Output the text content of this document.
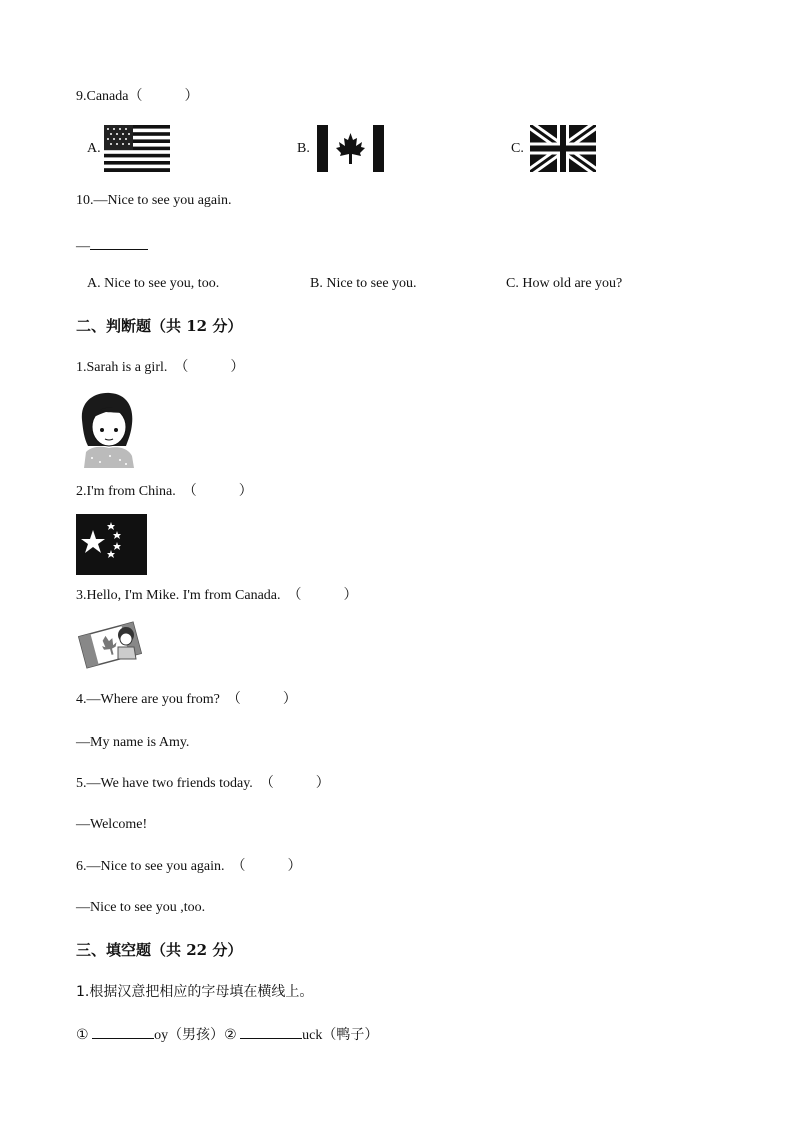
9.Canada（　　　）
A.	B.	C.
10.—Nice to see you again.
—
A. Nice to see you, too.	B. Nice to see you.	C. How old are you?
二、判断题（共 12 分）
1.Sarah is a girl. （　　　）
2.I'm from China. （　　　）
3.Hello, I'm Mike. I'm from Canada. （　　　）
4.—Where are you from? （　　　）
—My name is Amy.
5.—We have two friends today. （　　　）
—Welcome!
6.—Nice to see you again. （　　　）
—Nice to see you ,too.
三、填空题（共 22 分）
1.根据汉意把相应的字母填在横线上。
①	oy（男孩）②	uck（鸭子）
